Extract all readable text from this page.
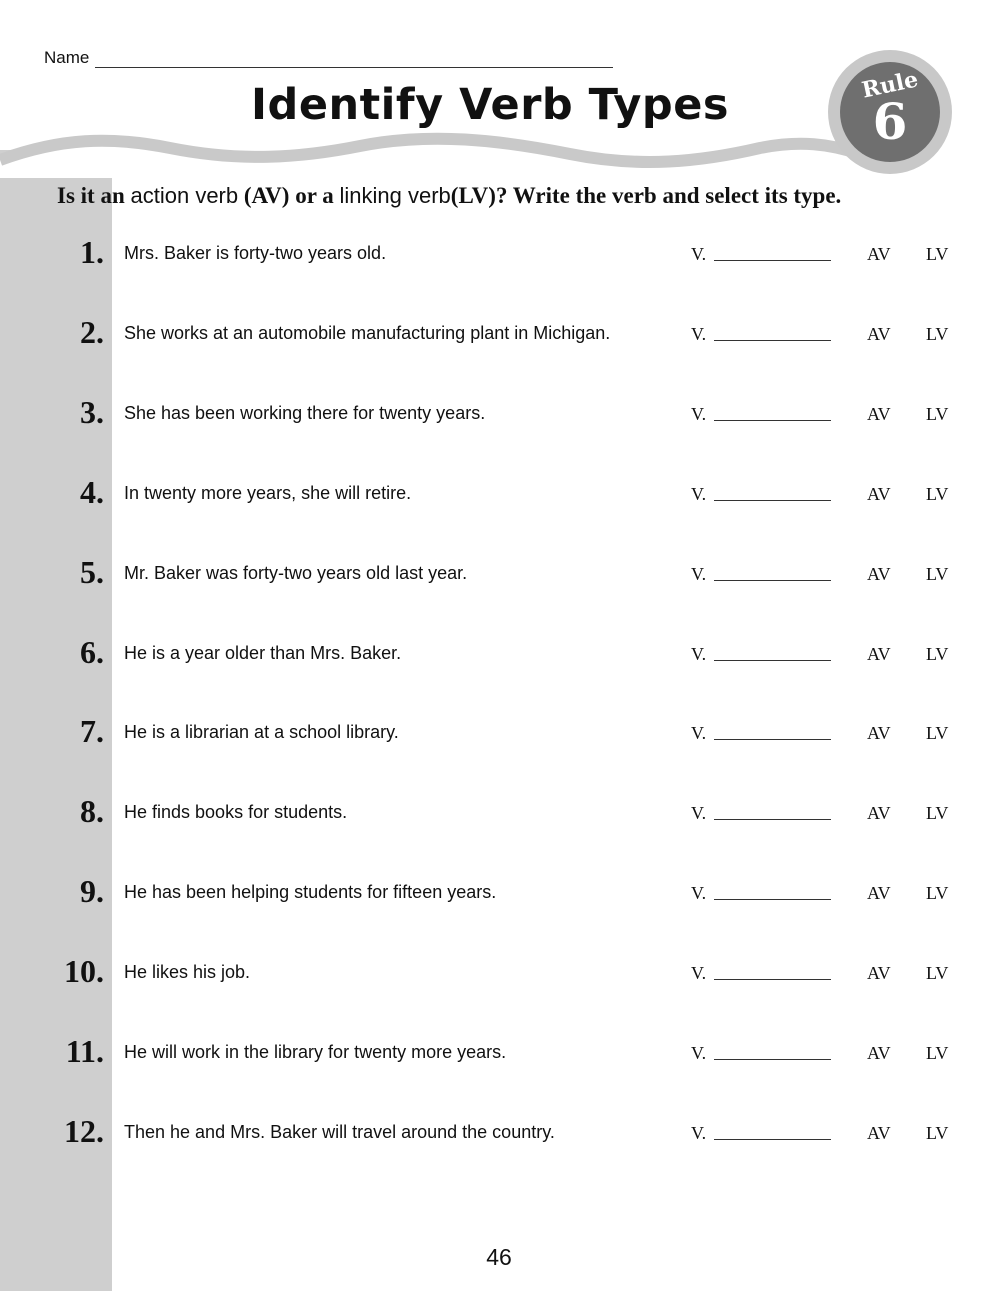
Name
Identify Verb Types	Rule
6
Is it an action verb (AV) or a linking verb(LV)? Write the verb and select its type.
1. Mrs. Baker is forty-two years old.	V.	AV LV
2. She works at an automobile manufacturing plant in Michigan.	V.	AV LV
3. She has been working there for twenty years.	V.	AV LV
4. In twenty more years, she will retire.	V.	AV LV
5. Mr. Baker was forty-two years old last year.	V.	AV LV
6. He is a year older than Mrs. Baker.	V.	AV LV
7. He is a librarian at a school library.	V.	AV LV
8. He finds books for students.	V.	AV LV
9. He has been helping students for fifteen years.	V.	AV LV
10. He likes his job.	V.	AV LV
11. He will work in the library for twenty more years.	V.	AV LV
12. Then he and Mrs. Baker will travel around the country.	V.	AV LV
46
